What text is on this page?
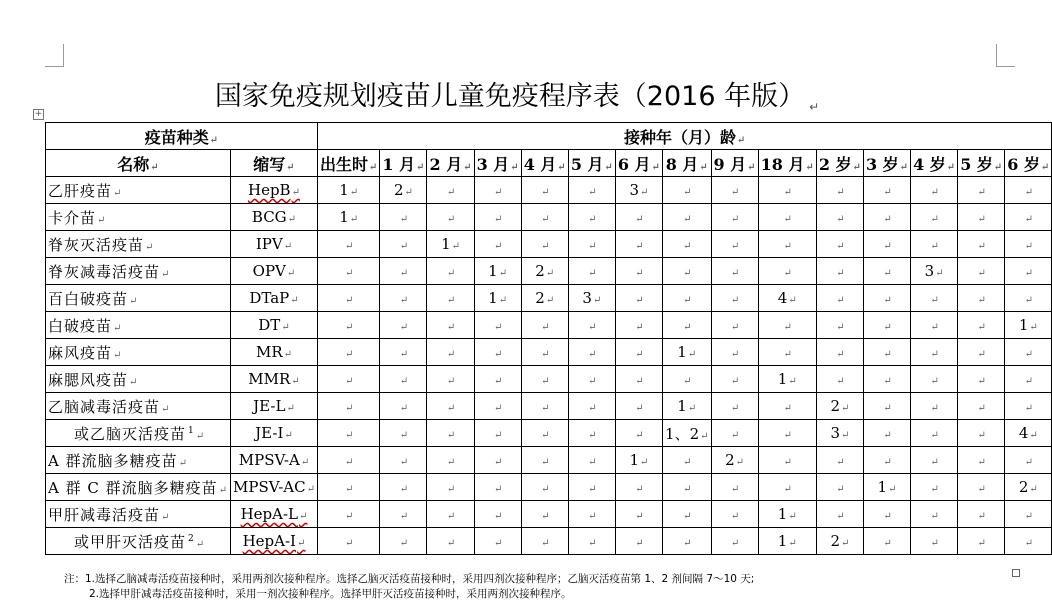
国家免疫规划疫苗儿童免疫程序表（2016 年版） $_↵$
+
疫苗种类↵		接种年（月）龄↵														
名称↵	缩写↵	出生时↵	1 月↵	2 月↵	3 月↵	4 月↵	5 月↵	6 月↵	8 月↵	9 月↵	18 月↵	2 岁↵	3 岁↵	4 岁↵	5 岁↵	6 岁↵
乙肝疫苗↵	HepB↵	1↵	2↵	↵	↵	↵	↵	3↵	↵	↵	↵	↵	↵	↵	↵	↵
卡介苗↵	BCG↵	1↵	↵	↵	↵	↵	↵	↵	↵	↵	↵	↵	↵	↵	↵	↵
脊灰灭活疫苗↵	IPV↵	↵	↵	1↵	↵	↵	↵	↵	↵	↵	↵	↵	↵	↵	↵	↵
脊灰减毒活疫苗↵	OPV↵	↵	↵	↵	1↵	2↵	↵	↵	↵	↵	↵	↵	↵	3↵	↵	↵
百白破疫苗↵	DTaP↵	↵	↵	↵	1↵	2↵	3↵	↵	↵	↵	4↵	↵	↵	↵	↵	↵
白破疫苗↵	DT↵	↵	↵	↵	↵	↵	↵	↵	↵	↵	↵	↵	↵	↵	↵	1↵
麻风疫苗↵	MR↵	↵	↵	↵	↵	↵	↵	↵	1↵	↵	↵	↵	↵	↵	↵	↵
麻腮风疫苗↵	MMR↵	↵	↵	↵	↵	↵	↵	↵	↵	↵	1↵	↵	↵	↵	↵	↵
乙脑减毒活疫苗↵	JE-L↵	↵	↵	↵	↵	↵	↵	↵	1↵	↵	↵	2↵	↵	↵	↵	↵
或乙脑灭活疫苗 $^1$↵	JE-I↵	↵	↵	↵	↵	↵	↵	↵	1、2↵	↵	↵	3↵	↵	↵	↵	4↵
A 群流脑多糖疫苗↵	MPSV-A↵	↵	↵	↵	↵	↵	↵	1↵	↵	2↵	↵	↵	↵	↵	↵	↵
A 群 C 群流脑多糖疫苗↵	MPSV-AC↵	↵	↵	↵	↵	↵	↵	↵	↵	↵	↵	↵	1↵	↵	↵	2↵
甲肝减毒活疫苗↵	HepA-L↵	↵	↵	↵	↵	↵	↵	↵	↵	↵	1↵	↵	↵	↵	↵	↵
或甲肝灭活疫苗 $^2$↵	HepA-I↵	↵	↵	↵	↵	↵	↵	↵	↵	↵	1↵	2↵	↵	↵	↵	↵
注：1.选择乙脑减毒活疫苗接种时，采用两剂次接种程序。选择乙脑灭活疫苗接种时，采用四剂次接种程序；乙脑灭活疫苗第 1、2 剂间隔 7～10 天;
2.选择甲肝减毒活疫苗接种时，采用一剂次接种程序。选择甲肝灭活疫苗接种时，采用两剂次接种程序。
